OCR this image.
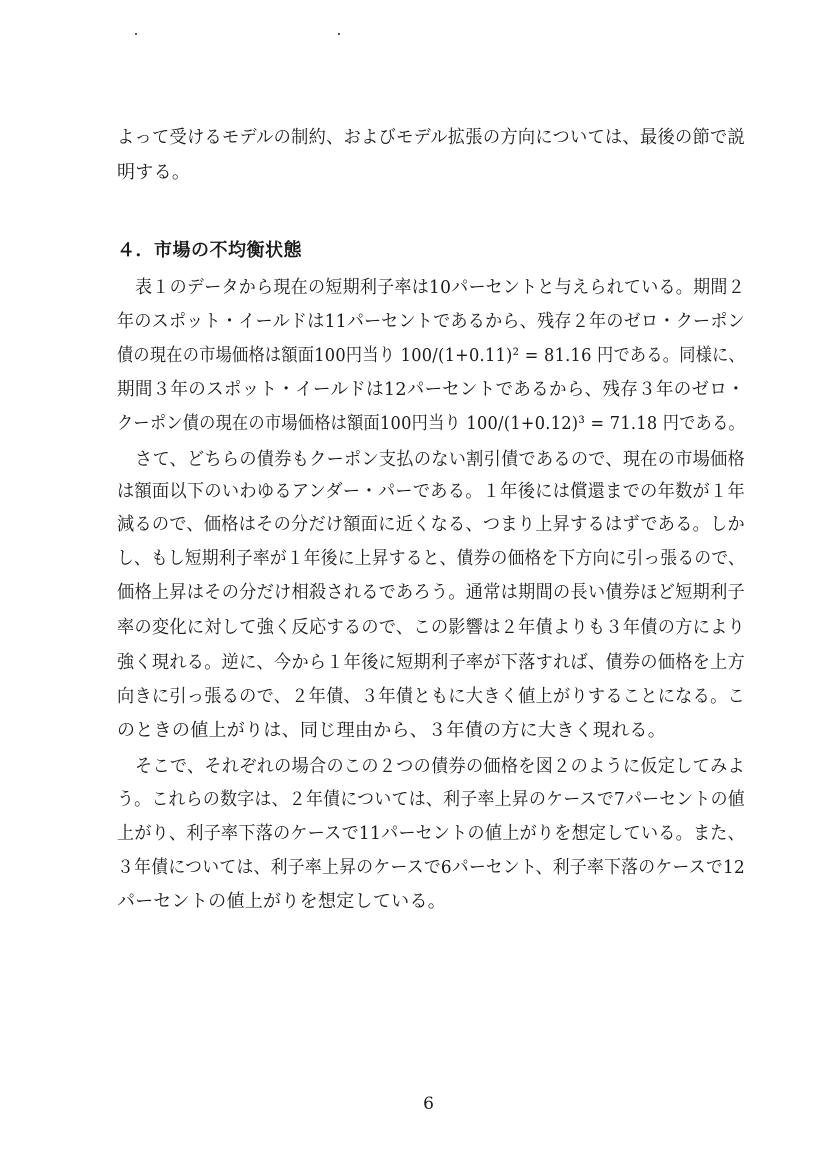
よって受けるモデルの制約、およびモデル拡張の方向については、最後の節で説
明する。
４．市場の不均衡状態
表１のデータから現在の短期利子率は10パーセントと与えられている。期間２
年のスポット・イールドは11パーセントであるから、残存２年のゼロ・クーポン
債の現在の市場価格は額面100円当り 100/(1+0.11)² = 81.16 円である。同様に、
期間３年のスポット・イールドは12パーセントであるから、残存３年のゼロ・
クーポン債の現在の市場価格は額面100円当り 100/(1+0.12)³ = 71.18 円である。
さて、どちらの債券もクーポン支払のない割引債であるので、現在の市場価格
は額面以下のいわゆるアンダー・パーである。１年後には償還までの年数が１年
減るので、価格はその分だけ額面に近くなる、つまり上昇するはずである。しか
し、もし短期利子率が１年後に上昇すると、債券の価格を下方向に引っ張るので、
価格上昇はその分だけ相殺されるであろう。通常は期間の長い債券ほど短期利子
率の変化に対して強く反応するので、この影響は２年債よりも３年債の方により
強く現れる。逆に、今から１年後に短期利子率が下落すれば、債券の価格を上方
向きに引っ張るので、２年債、３年債ともに大きく値上がりすることになる。こ
のときの値上がりは、同じ理由から、３年債の方に大きく現れる。
そこで、それぞれの場合のこの２つの債券の価格を図２のように仮定してみよ
う。これらの数字は、２年債については、利子率上昇のケースで7パーセントの値
上がり、利子率下落のケースで11パーセントの値上がりを想定している。また、
３年債については、利子率上昇のケースで6パーセント、利子率下落のケースで12
パーセントの値上がりを想定している。
6
